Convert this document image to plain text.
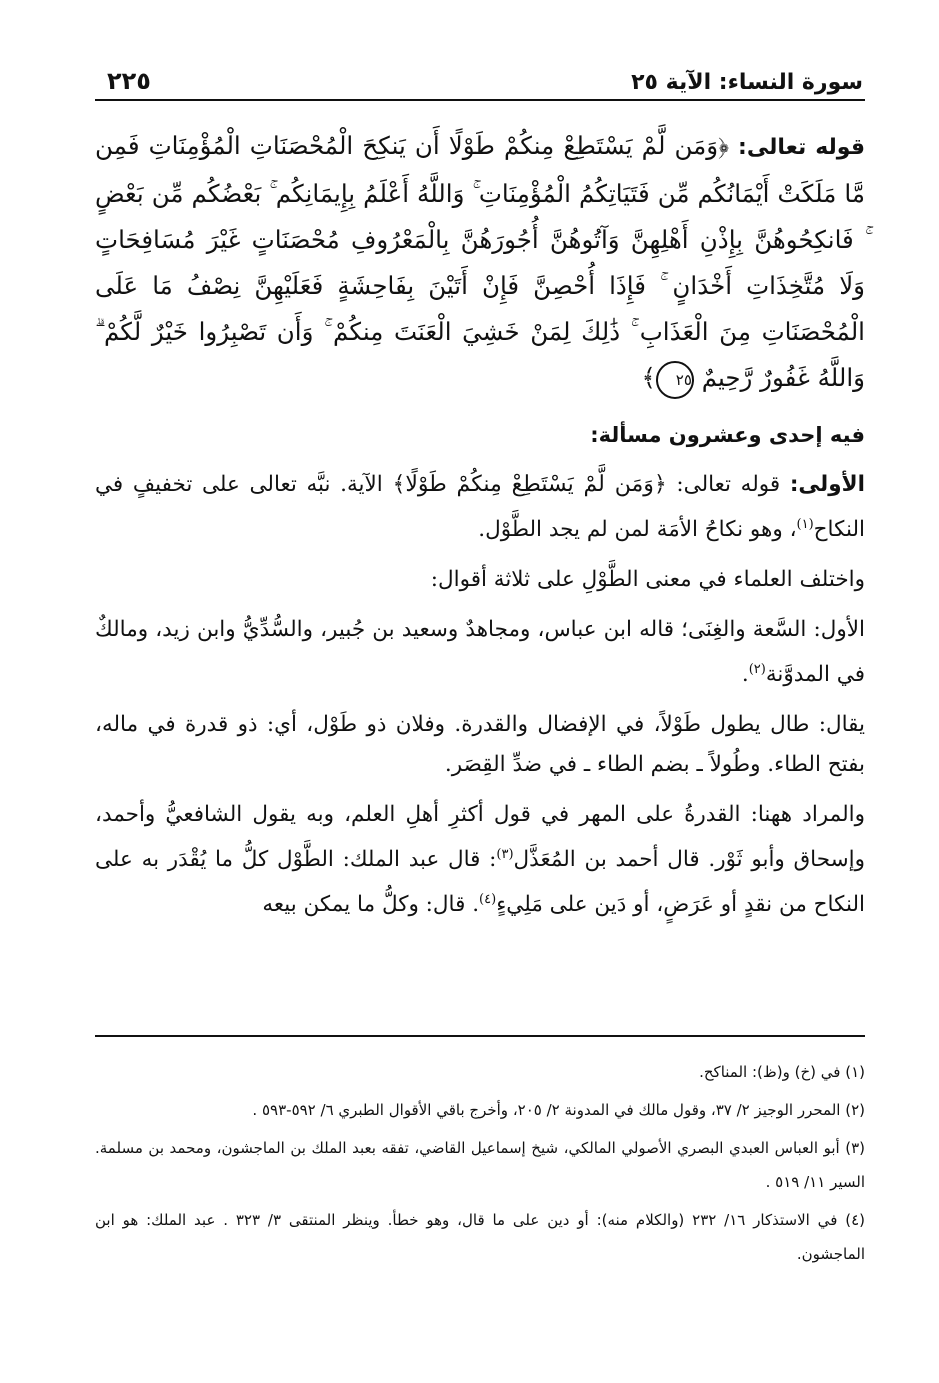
سورة النساء: الآية ٢٥
٢٢٥
قوله تعالى: ﴿وَمَن لَّمْ يَسْتَطِعْ مِنكُمْ طَوْلًا أَن يَنكِحَ الْمُحْصَنَاتِ الْمُؤْمِنَاتِ فَمِن مَّا مَلَكَتْ أَيْمَانُكُم مِّن فَتَيَاتِكُمُ الْمُؤْمِنَاتِ ۚ وَاللَّهُ أَعْلَمُ بِإِيمَانِكُم ۚ بَعْضُكُم مِّن بَعْضٍ ۚ فَانكِحُوهُنَّ بِإِذْنِ أَهْلِهِنَّ وَآتُوهُنَّ أُجُورَهُنَّ بِالْمَعْرُوفِ مُحْصَنَاتٍ غَيْرَ مُسَافِحَاتٍ وَلَا مُتَّخِذَاتِ أَخْدَانٍ ۚ فَإِذَا أُحْصِنَّ فَإِنْ أَتَيْنَ بِفَاحِشَةٍ فَعَلَيْهِنَّ نِصْفُ مَا عَلَى الْمُحْصَنَاتِ مِنَ الْعَذَابِ ۚ ذَٰلِكَ لِمَنْ خَشِيَ الْعَنَتَ مِنكُمْ ۚ وَأَن تَصْبِرُوا خَيْرٌ لَّكُمْ ۗ وَاللَّهُ غَفُورٌ رَّحِيمٌ ٢٥﴾
فيه إحدى وعشرون مسألة:
الأولى: قوله تعالى: ﴿وَمَن لَّمْ يَسْتَطِعْ مِنكُمْ طَوْلًا﴾ الآية. نبَّه تعالى على تخفيفٍ في النكاح$^{(١)}$، وهو نكاحُ الأمَة لمن لم يجد الطَّوْل.
واختلف العلماء في معنى الطَّوْلِ على ثلاثة أقوال:
الأول: السَّعة والغِنَى؛ قاله ابن عباس، ومجاهدٌ وسعيد بن جُبير، والسُّدِّيُّ وابن زيد، ومالكٌ في المدوَّنة$^{(٢)}$.
يقال: طال يطول طَوْلاً، في الإفضال والقدرة. وفلان ذو طَوْل، أي: ذو قدرة في ماله، بفتح الطاء. وطُولاً ـ بضم الطاء ـ في ضدِّ القِصَر.
والمراد ههنا: القدرةُ على المهر في قول أكثرِ أهلِ العلم، وبه يقول الشافعيُّ وأحمد، وإسحاق وأبو ثَوْر. قال أحمد بن المُعَذَّل$^{(٣)}$: قال عبد الملك: الطَّوْل كلُّ ما يُقْدَر به على النكاح من نقدٍ أو عَرَضٍ، أو دَين على مَلِيءٍ$^{(٤)}$. قال: وكلُّ ما يمكن بيعه
(١) في (خ) و(ظ): المناكح.
(٢) المحرر الوجيز ٢/ ٣٧، وقول مالك في المدونة ٢/ ٢٠٥، وأخرج باقي الأقوال الطبري ٦/ ٥٩٢-٥٩٣ .
(٣) أبو العباس العبدي البصري الأصولي المالكي، شيخ إسماعيل القاضي، تفقه بعبد الملك بن الماجشون، ومحمد بن مسلمة. السير ١١/ ٥١٩ .
(٤) في الاستذكار ١٦/ ٢٣٢ (والكلام منه): أو دين على ما قال، وهو خطأ. وينظر المنتقى ٣/ ٣٢٣ . عبد الملك: هو ابن الماجشون.
